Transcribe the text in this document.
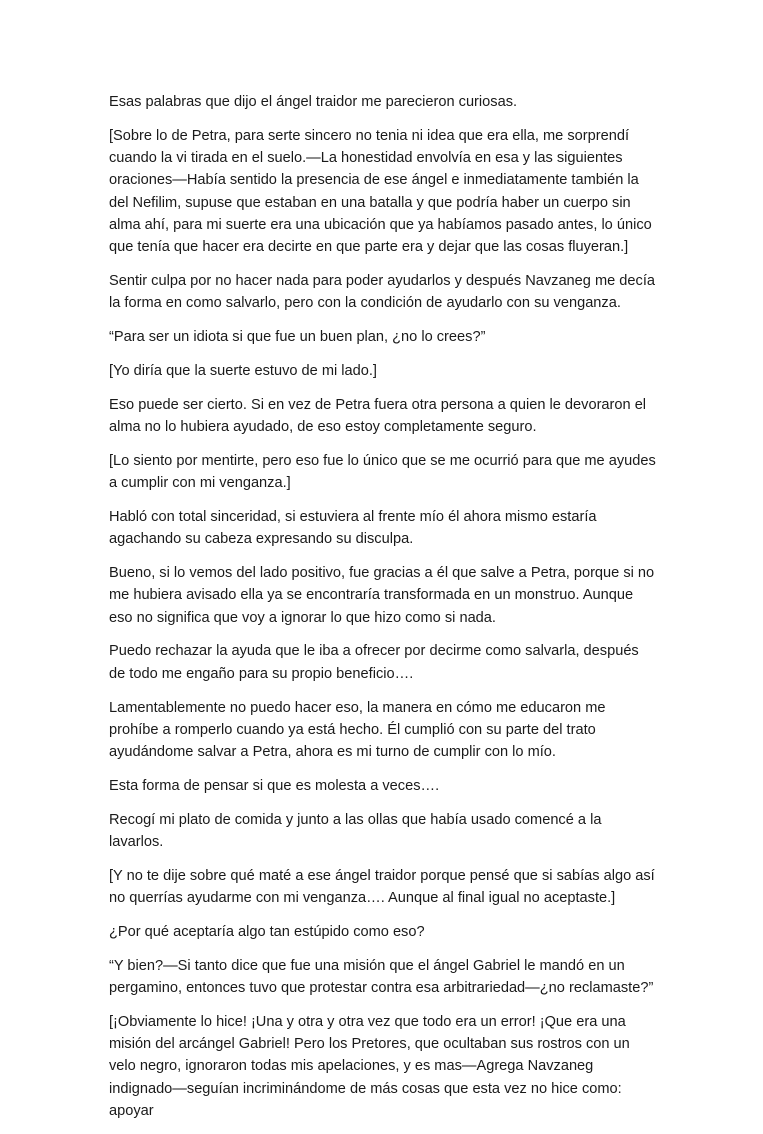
Esas palabras que dijo el ángel traidor me parecieron curiosas.

[Sobre lo de Petra, para serte sincero no tenia ni idea que era ella, me sorprendí cuando la vi tirada en el suelo.—La honestidad envolvía en esa y las siguientes oraciones—Había sentido la presencia de ese ángel e inmediatamente también la del Nefilim, supuse que estaban en una batalla y que podría haber un cuerpo sin alma ahí, para mi suerte era una ubicación que ya habíamos pasado antes, lo único que tenía que hacer era decirte en que parte era y dejar que las cosas fluyeran.]

Sentir culpa por no hacer nada para poder ayudarlos y después Navzaneg me decía la forma en como salvarlo, pero con la condición de ayudarlo con su venganza.

“Para ser un idiota si que fue un buen plan, ¿no lo crees?”

[Yo diría que la suerte estuvo de mi lado.]

Eso puede ser cierto. Si en vez de Petra fuera otra persona a quien le devoraron el alma no lo hubiera ayudado, de eso estoy completamente seguro.

[Lo siento por mentirte, pero eso fue lo único que se me ocurrió para que me ayudes a cumplir con mi venganza.]

Habló con total sinceridad, si estuviera al frente mío él ahora mismo estaría agachando su cabeza expresando su disculpa.

Bueno, si lo vemos del lado positivo, fue gracias a él que salve a Petra, porque si no me hubiera avisado ella ya se encontraría transformada en un monstruo. Aunque eso no significa que voy a ignorar lo que hizo como si nada.

Puedo rechazar la ayuda que le iba a ofrecer por decirme como salvarla, después de todo me engaño para su propio beneficio….

Lamentablemente no puedo hacer eso, la manera en cómo me educaron me prohíbe a romperlo cuando ya está hecho. Él cumplió con su parte del trato ayudándome salvar a Petra, ahora es mi turno de cumplir con lo mío.

Esta forma de pensar si que es molesta a veces….

Recogí mi plato de comida y junto a las ollas que había usado comencé a la lavarlos.

[Y no te dije sobre qué maté a ese ángel traidor porque pensé que si sabías algo así no querrías ayudarme con mi venganza…. Aunque al final igual no aceptaste.]

¿Por qué aceptaría algo tan estúpido como eso?

“Y bien?—Si tanto dice que fue una misión que el ángel Gabriel le mandó en un pergamino, entonces tuvo que protestar contra esa arbitrariedad—¿no reclamaste?”

[¡Obviamente lo hice! ¡Una y otra y otra vez que todo era un error! ¡Que era una misión del arcángel Gabriel! Pero los Pretores, que ocultaban sus rostros con un velo negro, ignoraron todas mis apelaciones, y es mas—Agrega Navzaneg indignado—seguían incriminándome de más cosas que esta vez no hice como: apoyar
